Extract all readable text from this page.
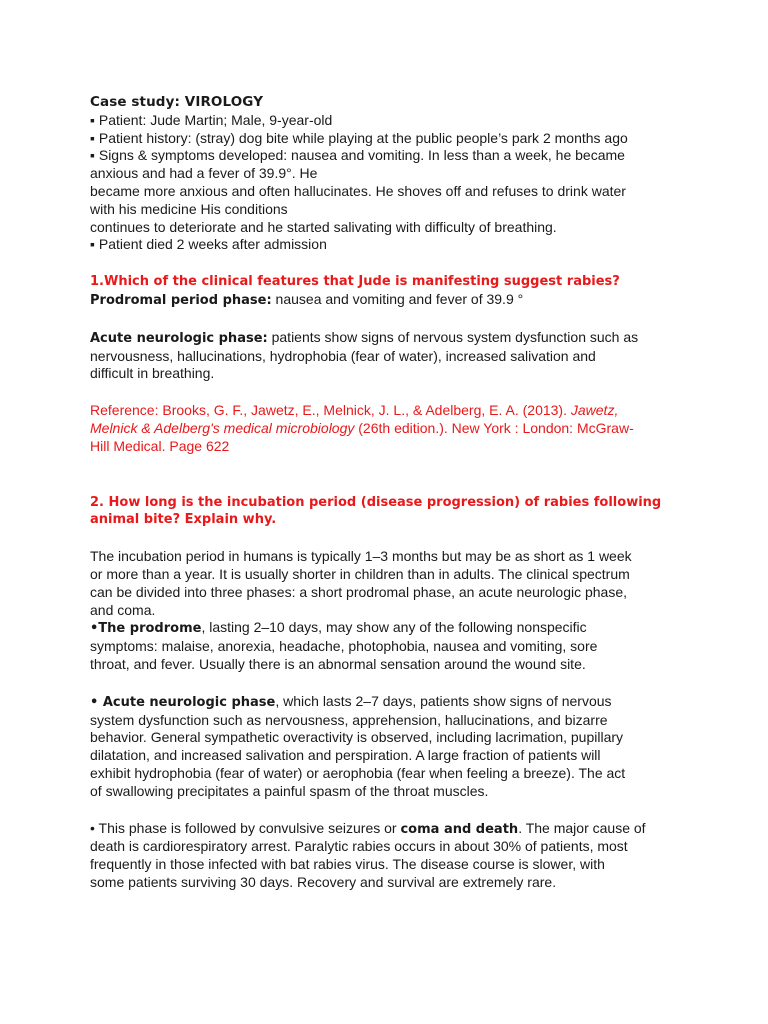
Case study: VIROLOGY
▪ Patient: Jude Martin; Male, 9-year-old
▪ Patient history: (stray) dog bite while playing at the public people’s park 2 months ago
▪ Signs & symptoms developed: nausea and vomiting. In less than a week, he became
anxious and had a fever of 39.9°. He
became more anxious and often hallucinates. He shoves off and refuses to drink water
with his medicine His conditions
continues to deteriorate and he started salivating with difficulty of breathing.
▪ Patient died 2 weeks after admission
1.Which of the clinical features that Jude is manifesting suggest rabies?
Prodromal period phase: nausea and vomiting and fever of 39.9 °
Acute neurologic phase: patients show signs of nervous system dysfunction such as
nervousness, hallucinations, hydrophobia (fear of water), increased salivation and
difficult in breathing.
Reference: Brooks, G. F., Jawetz, E., Melnick, J. L., & Adelberg, E. A. (2013). Jawetz,
Melnick & Adelberg's medical microbiology (26th edition.). New York : London: McGraw-
Hill Medical. Page 622
2. How long is the incubation period (disease progression) of rabies following
animal bite? Explain why.
The incubation period in humans is typically 1–3 months but may be as short as 1 week
or more than a year. It is usually shorter in children than in adults. The clinical spectrum
can be divided into three phases: a short prodromal phase, an acute neurologic phase,
and coma.
•The prodrome, lasting 2–10 days, may show any of the following nonspecific
symptoms: malaise, anorexia, headache, photophobia, nausea and vomiting, sore
throat, and fever. Usually there is an abnormal sensation around the wound site.
• Acute neurologic phase, which lasts 2–7 days, patients show signs of nervous
system dysfunction such as nervousness, apprehension, hallucinations, and bizarre
behavior. General sympathetic overactivity is observed, including lacrimation, pupillary
dilatation, and increased salivation and perspiration. A large fraction of patients will
exhibit hydrophobia (fear of water) or aerophobia (fear when feeling a breeze). The act
of swallowing precipitates a painful spasm of the throat muscles.
• This phase is followed by convulsive seizures or coma and death. The major cause of
death is cardiorespiratory arrest. Paralytic rabies occurs in about 30% of patients, most
frequently in those infected with bat rabies virus. The disease course is slower, with
some patients surviving 30 days. Recovery and survival are extremely rare.
